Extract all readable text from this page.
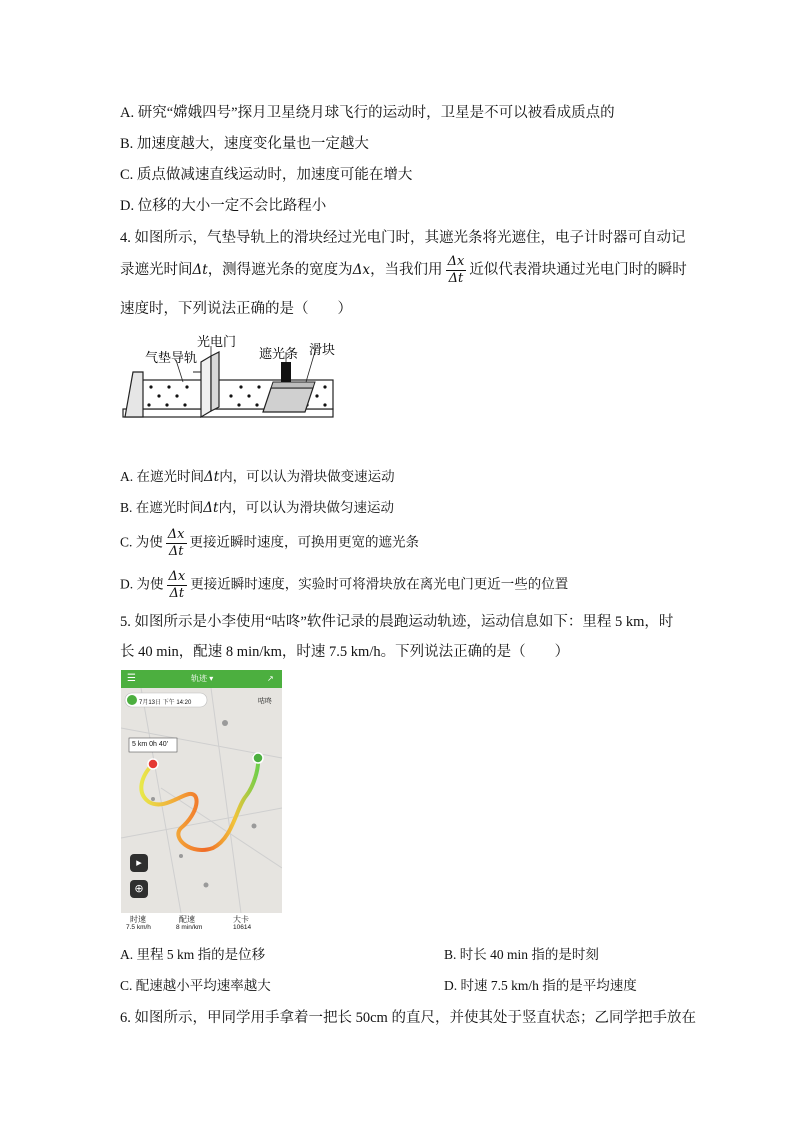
A. 研究“嫦娥四号”探月卫星绕月球飞行的运动时，卫星是不可以被看成质点的
B. 加速度越大，速度变化量也一定越大
C. 质点做减速直线运动时，加速度可能在增大
D. 位移的大小一定不会比路程小
4. 如图所示，气垫导轨上的滑块经过光电门时，其遮光条将光遮住，电子计时器可自动记
录遮光时间Δt，测得遮光条的宽度为Δx，当我们用 $\frac{\Delta x}{\Delta t}$ 近似代表滑块通过光电门时的瞬时
速度时，下列说法正确的是（　　）
气垫导轨
光电门
遮光条 滑块
A. 在遮光时间Δt内，可以认为滑块做变速运动
B. 在遮光时间Δt内，可以认为滑块做匀速运动
C. 为使 $\frac{\Delta x}{\Delta t}$ 更接近瞬时速度，可换用更宽的遮光条
D. 为使 $\frac{\Delta x}{\Delta t}$ 更接近瞬时速度，实验时可将滑块放在离光电门更近一些的位置
5. 如图所示是小李使用“咕咚”软件记录的晨跑运动轨迹，运动信息如下：里程 5 km，时
长 40 min，配速 8 min/km，时速 7.5 km/h。下列说法正确的是（　　）
☰	轨迹 ▾	↗
7月13日 下午 14:20	咕咚
5 km 0h 40'
▸
⊕
时速
7.5 km/h
配速
8 min/km
大卡
10614
A. 里程 5 km 指的是位移	B. 时长 40 min 指的是时刻
C. 配速越小平均速率越大	D. 时速 7.5 km/h 指的是平均速度
6. 如图所示，甲同学用手拿着一把长 50cm 的直尺，并使其处于竖直状态；乙同学把手放在
